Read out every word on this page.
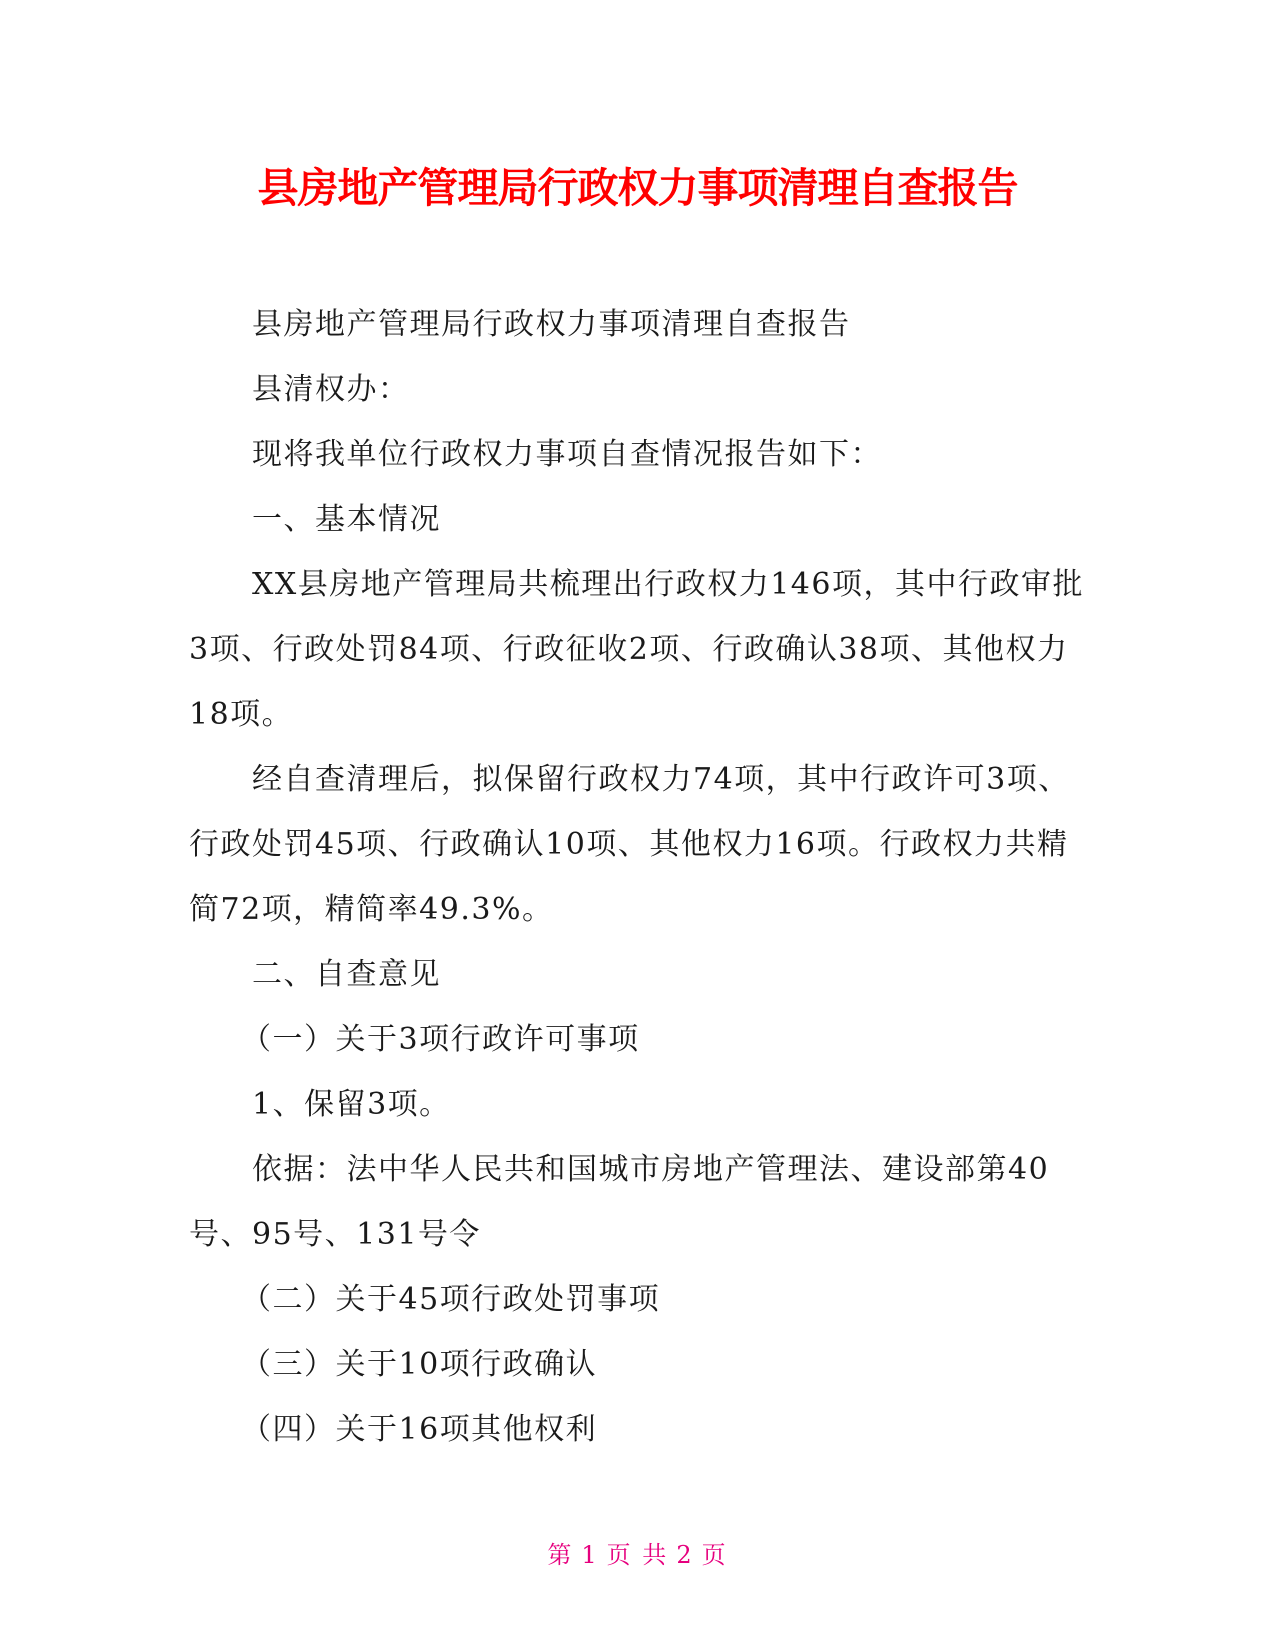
县房地产管理局行政权力事项清理自查报告

县房地产管理局行政权力事项清理自查报告

县清权办：

现将我单位行政权力事项自查情况报告如下：

一、基本情况

XX县房地产管理局共梳理出行政权力146项，其中行政审批3项、行政处罚84项、行政征收2项、行政确认38项、其他权力18项。

经自查清理后，拟保留行政权力74项，其中行政许可3项、行政处罚45项、行政确认10项、其他权力16项。行政权力共精简72项，精简率49.3%。

二、自查意见

（一）关于3项行政许可事项

1、保留3项。

依据：法中华人民共和国城市房地产管理法、建设部第40号、95号、131号令

（二）关于45项行政处罚事项

（三）关于10项行政确认

（四）关于16项其他权利

第 1 页 共 2 页
